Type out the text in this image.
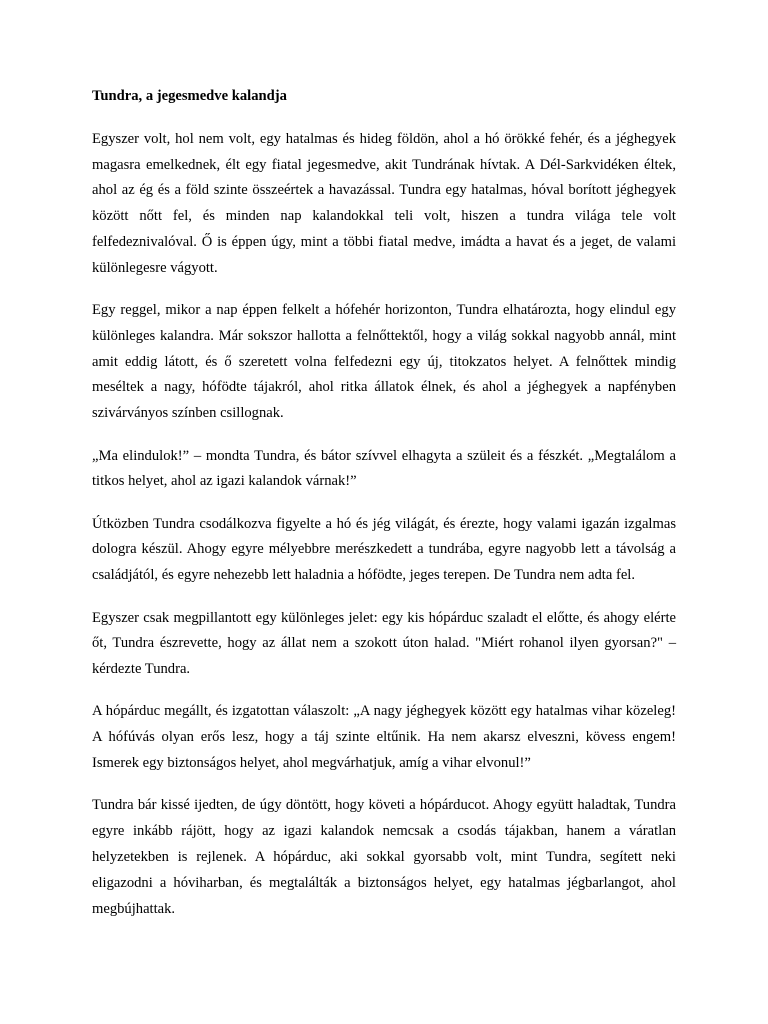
Tundra, a jegesmedve kalandja

Egyszer volt, hol nem volt, egy hatalmas és hideg földön, ahol a hó örökké fehér, és a jéghegyek magasra emelkednek, élt egy fiatal jegesmedve, akit Tundrának hívtak. A Dél-Sarkvidéken éltek, ahol az ég és a föld szinte összeértek a havazással. Tundra egy hatalmas, hóval borított jéghegyek között nőtt fel, és minden nap kalandokkal teli volt, hiszen a tundra világa tele volt felfedeznivalóval. Ő is éppen úgy, mint a többi fiatal medve, imádta a havat és a jeget, de valami különlegesre vágyott.

Egy reggel, mikor a nap éppen felkelt a hófehér horizonton, Tundra elhatározta, hogy elindul egy különleges kalandra. Már sokszor hallotta a felnőttektől, hogy a világ sokkal nagyobb annál, mint amit eddig látott, és ő szeretett volna felfedezni egy új, titokzatos helyet. A felnőttek mindig meséltek a nagy, hófödte tájakról, ahol ritka állatok élnek, és ahol a jéghegyek a napfényben szivárványos színben csillognak.

„Ma elindulok!” – mondta Tundra, és bátor szívvel elhagyta a szüleit és a fészkét. „Megtalálom a titkos helyet, ahol az igazi kalandok várnak!”

Útközben Tundra csodálkozva figyelte a hó és jég világát, és érezte, hogy valami igazán izgalmas dologra készül. Ahogy egyre mélyebbre merészkedett a tundrába, egyre nagyobb lett a távolság a családjától, és egyre nehezebb lett haladnia a hófödte, jeges terepen. De Tundra nem adta fel.

Egyszer csak megpillantott egy különleges jelet: egy kis hópárduc szaladt el előtte, és ahogy elérte őt, Tundra észrevette, hogy az állat nem a szokott úton halad. "Miért rohanol ilyen gyorsan?" – kérdezte Tundra.

A hópárduc megállt, és izgatottan válaszolt: „A nagy jéghegyek között egy hatalmas vihar közeleg! A hófúvás olyan erős lesz, hogy a táj szinte eltűnik. Ha nem akarsz elveszni, kövess engem! Ismerek egy biztonságos helyet, ahol megvárhatjuk, amíg a vihar elvonul!”

Tundra bár kissé ijedten, de úgy döntött, hogy követi a hópárducot. Ahogy együtt haladtak, Tundra egyre inkább rájött, hogy az igazi kalandok nemcsak a csodás tájakban, hanem a váratlan helyzetekben is rejlenek. A hópárduc, aki sokkal gyorsabb volt, mint Tundra, segített neki eligazodni a hóviharban, és megtalálták a biztonságos helyet, egy hatalmas jégbarlangot, ahol megbújhattak.
